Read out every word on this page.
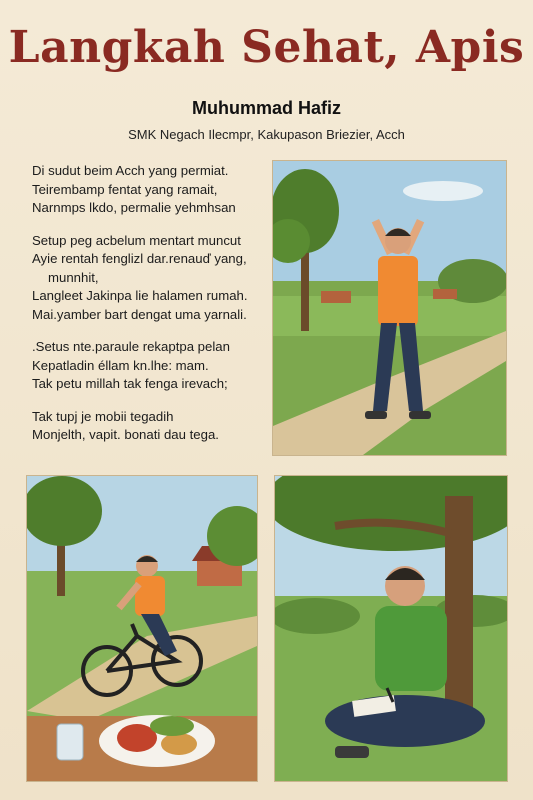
Langkah Sehat, Apis
Muhummad Hafiz
SMK Negach Ilecmpr, Kakupason Briezier, Acch
Di sudut beim Acch yang permiat.
Teirembamp fentat yang ramait,
Narnmps lkdo, permalie yehmhsan
Setup peg acbelum mentart muncut
Ayie rentah fenglizl dar.renauď yang,
munnhit,
Langleet Jakinpa lie halamen rumah.
Mai.yamber bart dengat uma yarnali.
.Setus nte.paraule rekaptpa pelan
Kepatladin éllam kn.lhe: mam.
Tak petu millah tak fenga irevach;
Tak tupj je mobii tegadih
Monjelth, vapit. bonati dau tega.
